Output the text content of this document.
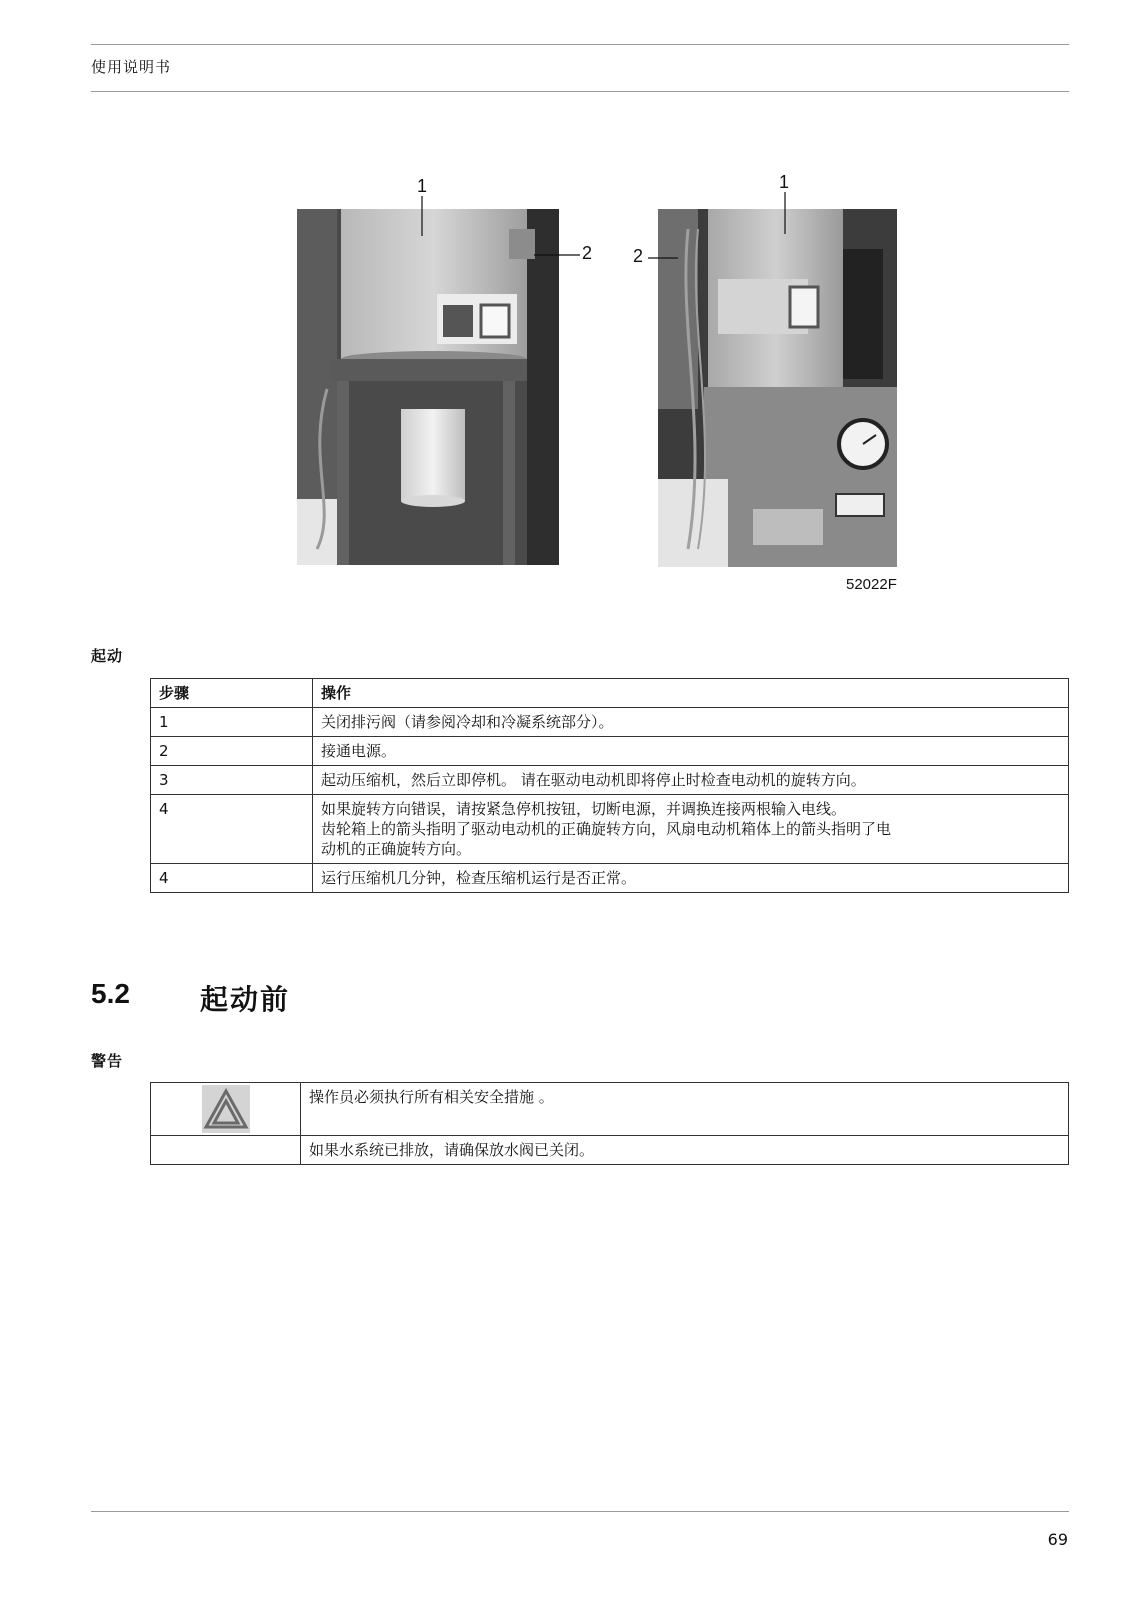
使用说明书
1
2
1
2
52022F
起动
步骤	操作
1	关闭排污阀（请参阅冷却和冷凝系统部分）。
2	接通电源。
3	起动压缩机，然后立即停机。 请在驱动电动机即将停止时检查电动机的旋转方向。
4	如果旋转方向错误，请按紧急停机按钮，切断电源，并调换连接两根输入电线。
齿轮箱上的箭头指明了驱动电动机的正确旋转方向，风扇电动机箱体上的箭头指明了电
动机的正确旋转方向。

4	运行压缩机几分钟，检查压缩机运行是否正常。
5.2	起动前
警告
	操作员必须执行所有相关安全措施 。
	如果水系统已排放，请确保放水阀已关闭。
69
